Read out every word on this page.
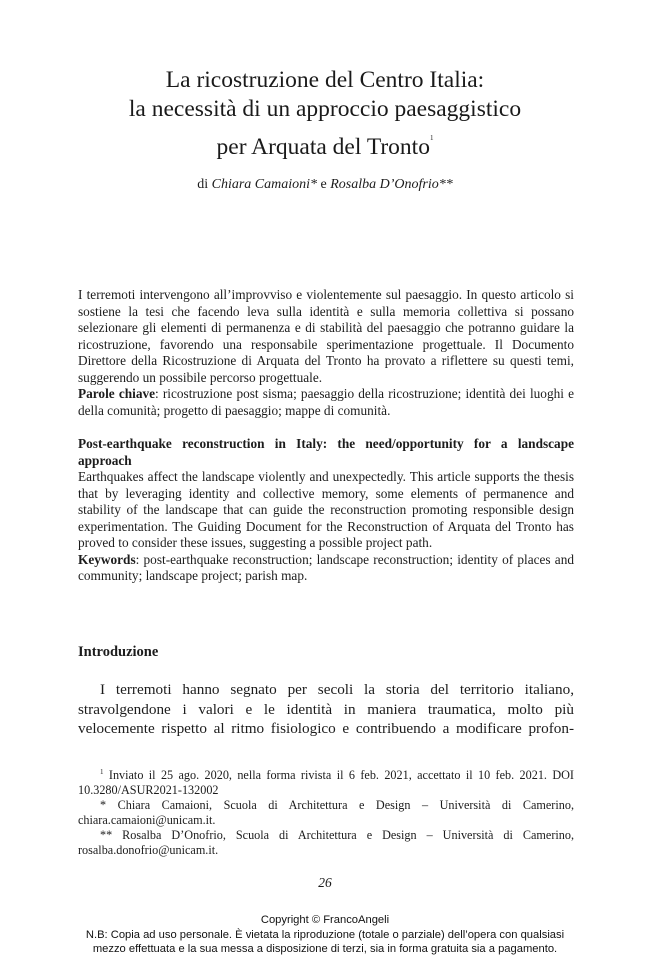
La ricostruzione del Centro Italia:
la necessità di un approccio paesaggistico
per Arquata del Tronto$^1$
di Chiara Camaioni* e Rosalba D’Onofrio**

I terremoti intervengono all’improvviso e violentemente sul paesaggio. In questo articolo si sostiene la tesi che facendo leva sulla identità e sulla memoria collettiva si possano selezionare gli elementi di permanenza e di stabilità del paesaggio che potranno guidare la ricostruzione, favorendo una responsabile sperimentazione progettuale. Il Documento Direttore della Ricostruzione di Arquata del Tronto ha provato a riflettere su questi temi, suggerendo un possibile percorso progettuale.

Parole chiave: ricostruzione post sisma; paesaggio della ricostruzione; identità dei luoghi e della comunità; progetto di paesaggio; mappe di comunità.

Post-earthquake reconstruction in Italy: the need/opportunity for a landscape approach

Earthquakes affect the landscape violently and unexpectedly. This article supports the thesis that by leveraging identity and collective memory, some elements of permanence and stability of the landscape that can guide the reconstruction promoting responsible design experimentation. The Guiding Document for the Reconstruction of Arquata del Tronto has proved to consider these issues, suggesting a possible project path.

Keywords: post-earthquake reconstruction; landscape reconstruction; identity of places and community; landscape project; parish map.

Introduzione

I terremoti hanno segnato per secoli la storia del territorio italiano, stravolgendone i valori e le identità in maniera traumatica, molto più velocemente rispetto al ritmo fisiologico e contribuendo a modificare profon-

$^1$ Inviato il 25 ago. 2020, nella forma rivista il 6 feb. 2021, accettato il 10 feb. 2021. DOI 10.3280/ASUR2021-132002

* Chiara Camaioni, Scuola di Architettura e Design – Università di Camerino, chiara.camaioni@unicam.it.

** Rosalba D’Onofrio, Scuola di Architettura e Design – Università di Camerino, rosalba.donofrio@unicam.it.

26
Copyright © FrancoAngeli
N.B: Copia ad uso personale. È vietata la riproduzione (totale o parziale) dell’opera con qualsiasi
mezzo effettuata e la sua messa a disposizione di terzi, sia in forma gratuita sia a pagamento.
